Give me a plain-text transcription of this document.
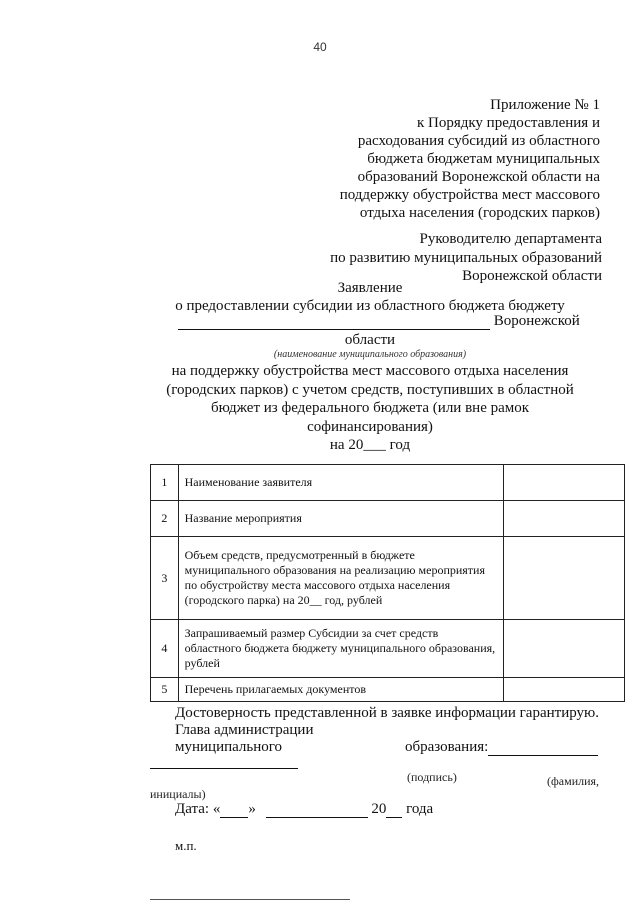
40
Приложение № 1
к Порядку предоставления и
расходования субсидий из областного
бюджета бюджетам муниципальных
образований Воронежской области на
поддержку обустройства мест массового
отдыха населения (городских парков)
Руководителю департамента
по развитию муниципальных образований
Воронежской области
Заявление
о предоставлении субсидии из областного бюджета бюджету
Воронежской
области
(наименование муниципального образования)
на поддержку обустройства мест массового отдыха населения
(городских парков) с учетом средств, поступивших в областной
бюджет из федерального бюджета (или вне рамок
софинансирования)
на 20___ год
1	Наименование заявителя	
2	Название мероприятия	
3	Объем средств, предусмотренный в бюджете муниципального образования на реализацию мероприятия по обустройству места массового отдыха населения (городского парка) на 20__ год, рублей	
4	Запрашиваемый размер Субсидии за счет средств областного бюджета бюджету муниципального образования, рублей	
5	Перечень прилагаемых документов	
Достоверность представленной в заявке информации гарантирую.
Глава администрации
муниципального	образования:
(подпись)	(фамилия,
инициалы)
Дата: « »	20 года
м.п.
